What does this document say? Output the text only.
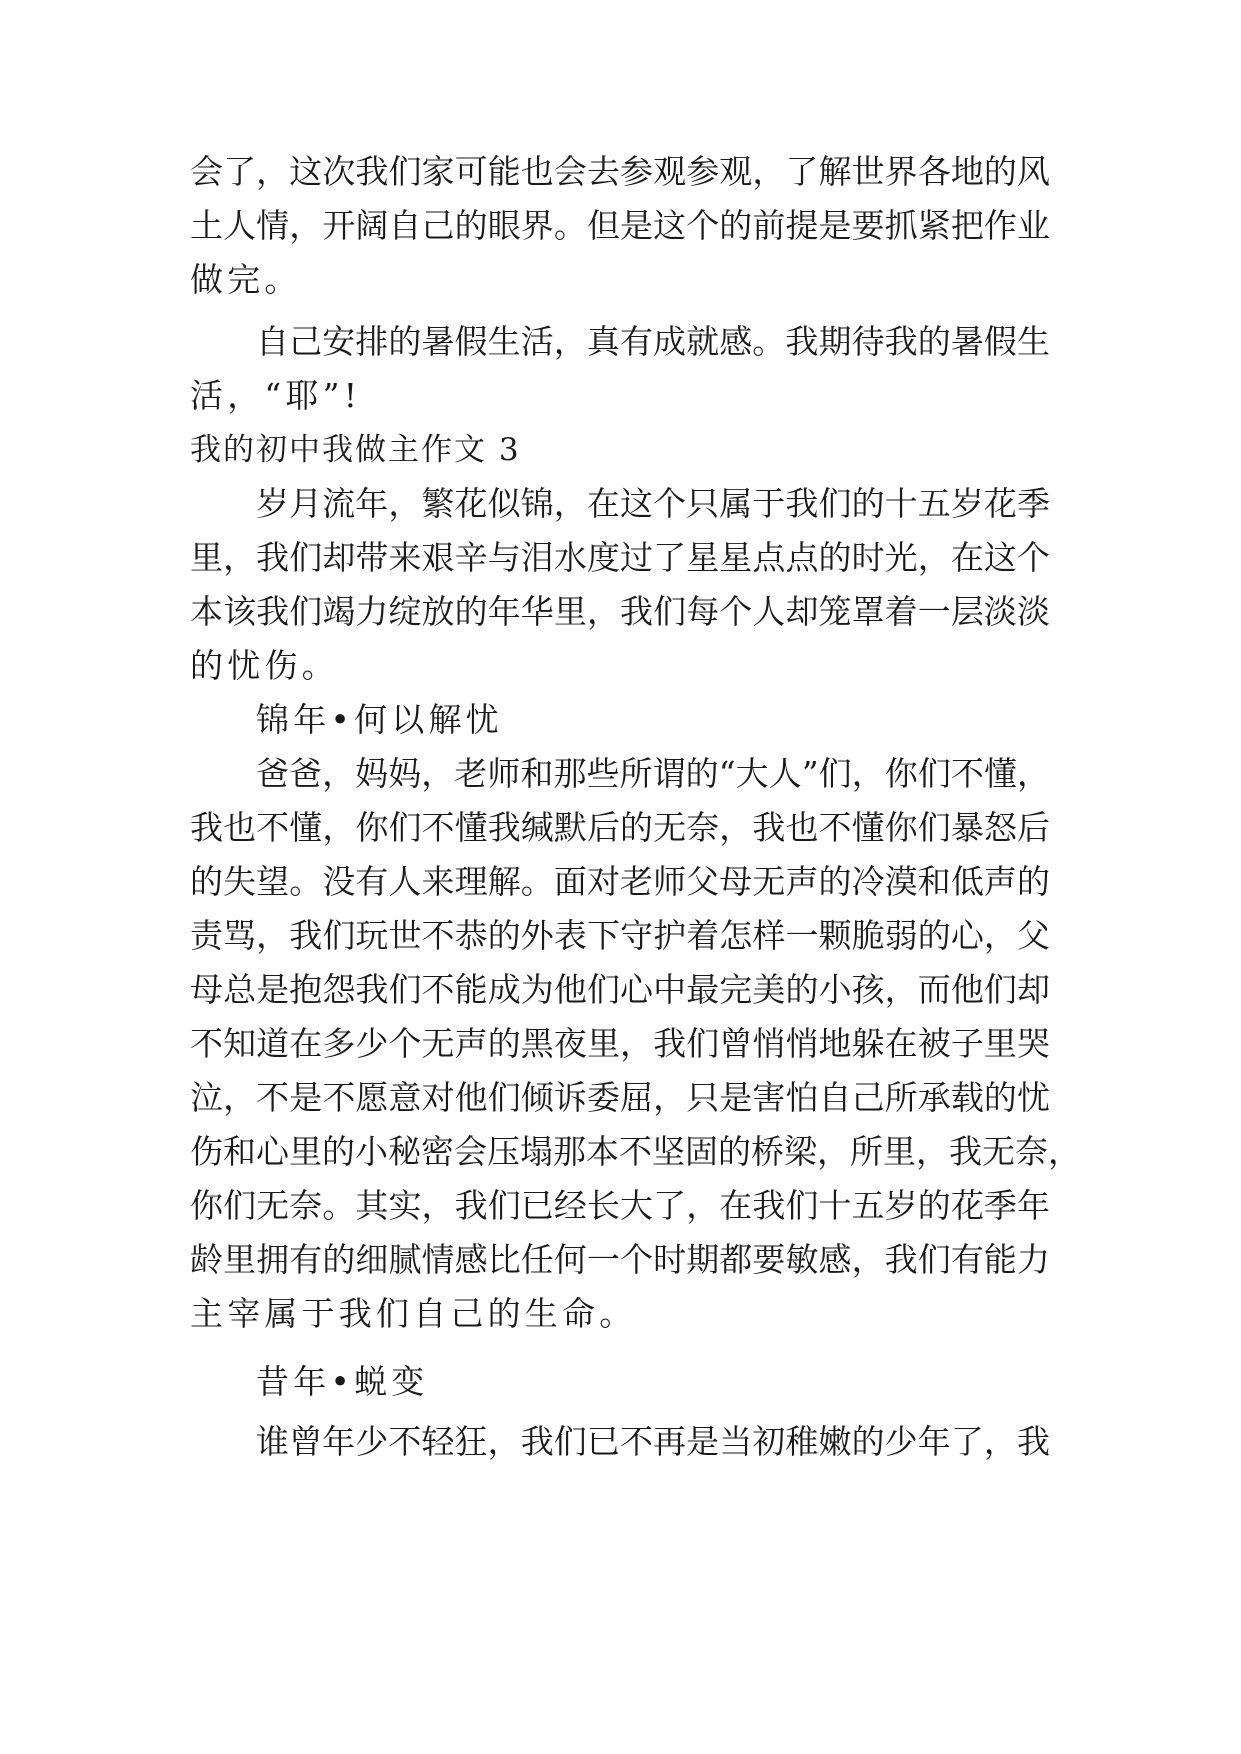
会了，这次我们家可能也会去参观参观，了解世界各地的风
土人情，开阔自己的眼界。但是这个的前提是要抓紧把作业
做完。
自己安排的暑假生活，真有成就感。我期待我的暑假生
活，“耶”!
我的初中我做主作文 3
岁月流年，繁花似锦，在这个只属于我们的十五岁花季
里，我们却带来艰辛与泪水度过了星星点点的时光，在这个
本该我们竭力绽放的年华里，我们每个人却笼罩着一层淡淡
的忧伤。
锦年•何以解忧
爸爸，妈妈，老师和那些所谓的“大人”们，你们不懂，
我也不懂，你们不懂我缄默后的无奈，我也不懂你们暴怒后
的失望。没有人来理解。面对老师父母无声的冷漠和低声的
责骂，我们玩世不恭的外表下守护着怎样一颗脆弱的心，父
母总是抱怨我们不能成为他们心中最完美的小孩，而他们却
不知道在多少个无声的黑夜里，我们曾悄悄地躲在被子里哭
泣，不是不愿意对他们倾诉委屈，只是害怕自己所承载的忧
伤和心里的小秘密会压塌那本不坚固的桥梁，所里，我无奈，
你们无奈。其实，我们已经长大了，在我们十五岁的花季年
龄里拥有的细腻情感比任何一个时期都要敏感，我们有能力
主宰属于我们自己的生命。
昔年•蜕变
谁曾年少不轻狂，我们已不再是当初稚嫩的少年了，我
